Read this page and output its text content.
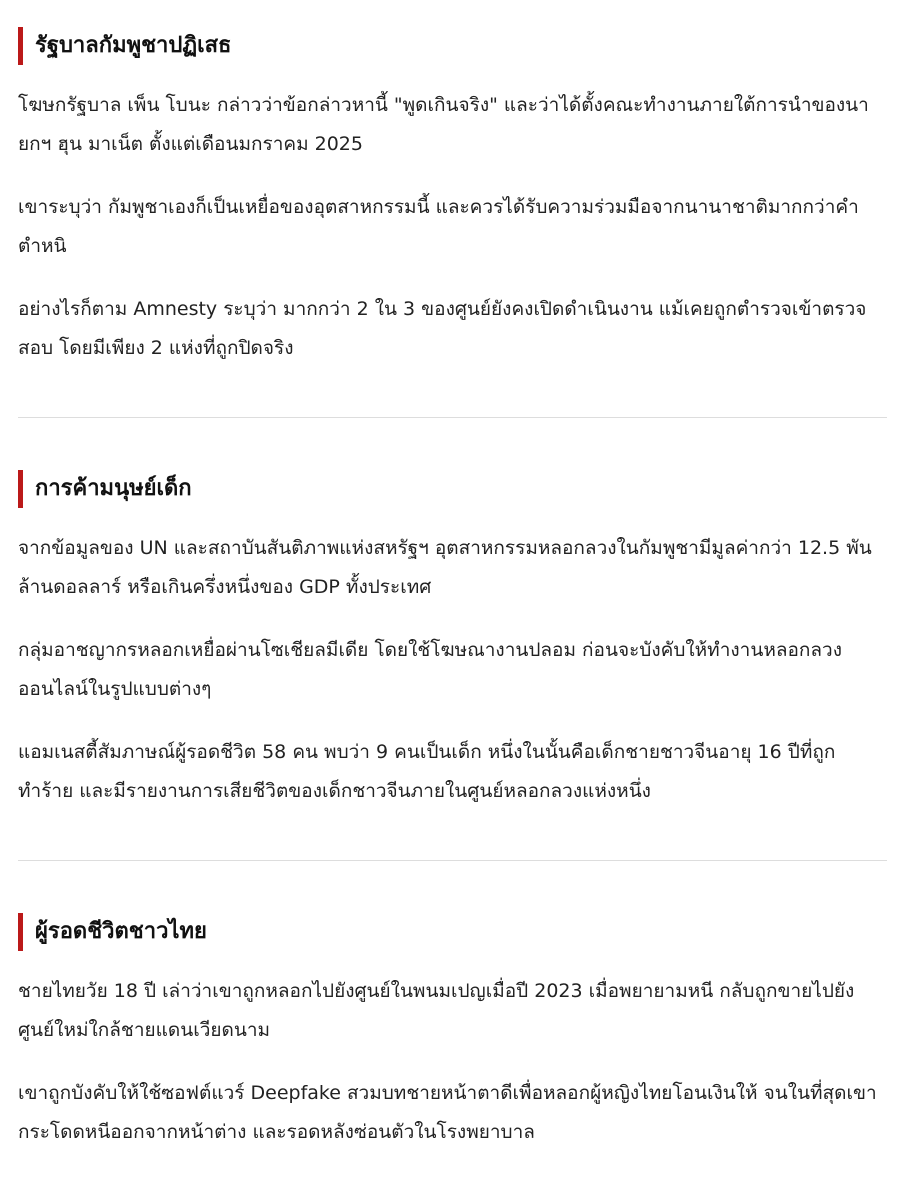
รัฐบาลกัมพูชาปฏิเสธ

โฆษกรัฐบาล เพ็น โบนะ กล่าวว่าข้อกล่าวหานี้ "พูดเกินจริง" และว่าได้ตั้งคณะทำงานภายใต้การนำของนายกฯ ฮุน มาเน็ต ตั้งแต่เดือนมกราคม 2025

เขาระบุว่า กัมพูชาเองก็เป็นเหยื่อของอุตสาหกรรมนี้ และควรได้รับความร่วมมือจากนานาชาติมากกว่าคำตำหนิ

อย่างไรก็ตาม Amnesty ระบุว่า มากกว่า 2 ใน 3 ของศูนย์ยังคงเปิดดำเนินงาน แม้เคยถูกตำรวจเข้าตรวจสอบ โดยมีเพียง 2 แห่งที่ถูกปิดจริง

การค้ามนุษย์เด็ก

จากข้อมูลของ UN และสถาบันสันติภาพแห่งสหรัฐฯ อุตสาหกรรมหลอกลวงในกัมพูชามีมูลค่ากว่า 12.5 พันล้านดอลลาร์ หรือเกินครึ่งหนึ่งของ GDP ทั้งประเทศ

กลุ่มอาชญากรหลอกเหยื่อผ่านโซเชียลมีเดีย โดยใช้โฆษณางานปลอม ก่อนจะบังคับให้ทำงานหลอกลวงออนไลน์ในรูปแบบต่างๆ

แอมเนสตี้สัมภาษณ์ผู้รอดชีวิต 58 คน พบว่า 9 คนเป็นเด็ก หนึ่งในนั้นคือเด็กชายชาวจีนอายุ 16 ปีที่ถูกทำร้าย และมีรายงานการเสียชีวิตของเด็กชาวจีนภายในศูนย์หลอกลวงแห่งหนึ่ง

ผู้รอดชีวิตชาวไทย

ชายไทยวัย 18 ปี เล่าว่าเขาถูกหลอกไปยังศูนย์ในพนมเปญเมื่อปี 2023 เมื่อพยายามหนี กลับถูกขายไปยังศูนย์ใหม่ใกล้ชายแดนเวียดนาม

เขาถูกบังคับให้ใช้ซอฟต์แวร์ Deepfake สวมบทชายหน้าตาดีเพื่อหลอกผู้หญิงไทยโอนเงินให้ จนในที่สุดเขากระโดดหนีออกจากหน้าต่าง และรอดหลังซ่อนตัวในโรงพยาบาล
